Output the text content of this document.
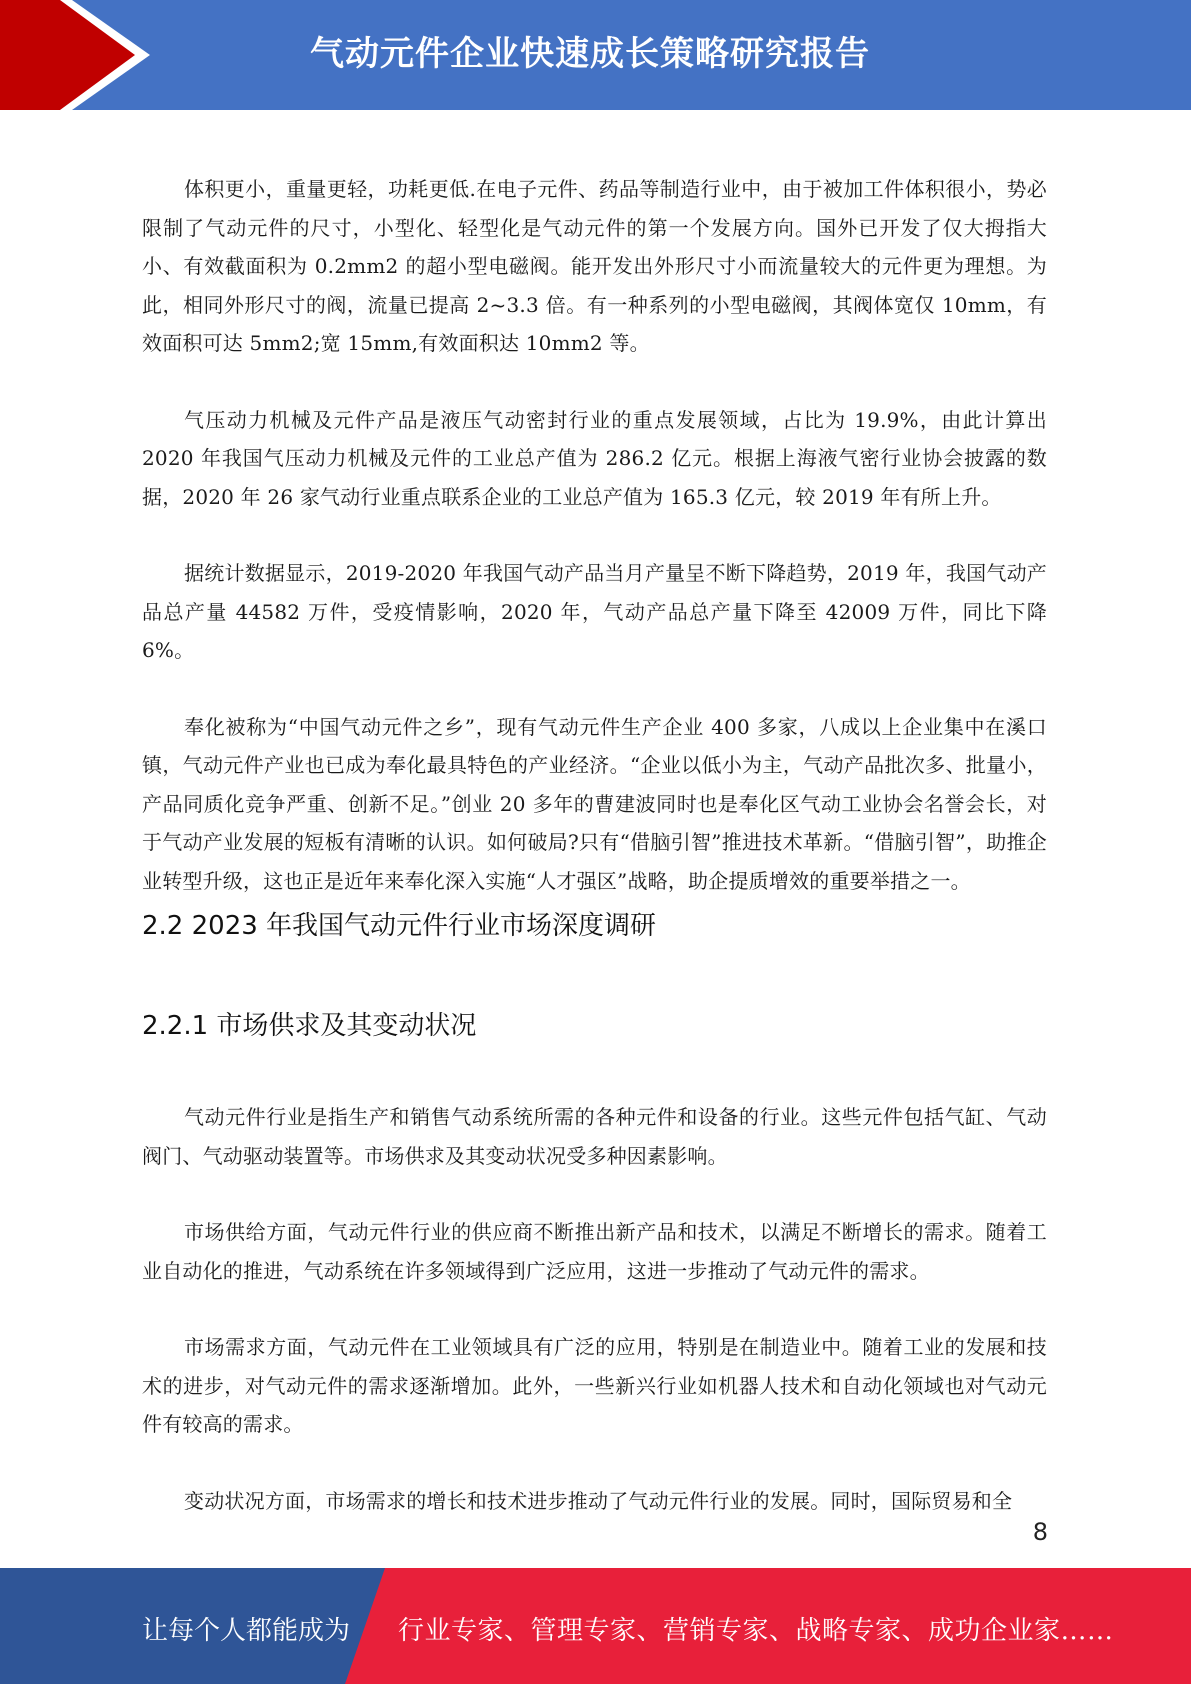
气动元件企业快速成长策略研究报告

体积更小，重量更轻，功耗更低.在电子元件、药品等制造行业中，由于被加工件体积很小，势必限制了气动元件的尺寸，小型化、轻型化是气动元件的第一个发展方向。国外已开发了仅大拇指大小、有效截面积为 0.2mm2 的超小型电磁阀。能开发出外形尺寸小而流量较大的元件更为理想。为此，相同外形尺寸的阀，流量已提高 2~3.3 倍。有一种系列的小型电磁阀，其阀体宽仅 10mm，有效面积可达 5mm2;宽 15mm,有效面积达 10mm2 等。

气压动力机械及元件产品是液压气动密封行业的重点发展领域，占比为 19.9%，由此计算出 2020 年我国气压动力机械及元件的工业总产值为 286.2 亿元。根据上海液气密行业协会披露的数据，2020 年 26 家气动行业重点联系企业的工业总产值为 165.3 亿元，较 2019 年有所上升。

据统计数据显示，2019-2020 年我国气动产品当月产量呈不断下降趋势，2019 年，我国气动产品总产量 44582 万件，受疫情影响，2020 年，气动产品总产量下降至 42009 万件，同比下降 6%。

奉化被称为“中国气动元件之乡”，现有气动元件生产企业 400 多家，八成以上企业集中在溪口镇，气动元件产业也已成为奉化最具特色的产业经济。“企业以低小为主，气动产品批次多、批量小，产品同质化竞争严重、创新不足。”创业 20 多年的曹建波同时也是奉化区气动工业协会名誉会长，对于气动产业发展的短板有清晰的认识。如何破局?只有“借脑引智”推进技术革新。“借脑引智”，助推企业转型升级，这也正是近年来奉化深入实施“人才强区”战略，助企提质增效的重要举措之一。

2.2 2023 年我国气动元件行业市场深度调研
2.2.1 市场供求及其变动状况

气动元件行业是指生产和销售气动系统所需的各种元件和设备的行业。这些元件包括气缸、气动阀门、气动驱动装置等。市场供求及其变动状况受多种因素影响。

市场供给方面，气动元件行业的供应商不断推出新产品和技术，以满足不断增长的需求。随着工业自动化的推进，气动系统在许多领域得到广泛应用，这进一步推动了气动元件的需求。

市场需求方面，气动元件在工业领域具有广泛的应用，特别是在制造业中。随着工业的发展和技术的进步，对气动元件的需求逐渐增加。此外，一些新兴行业如机器人技术和自动化领域也对气动元件有较高的需求。

变动状况方面，市场需求的增长和技术进步推动了气动元件行业的发展。同时，国际贸易和全

8
让每个人都能成为 行业专家、管理专家、营销专家、战略专家、成功企业家……
